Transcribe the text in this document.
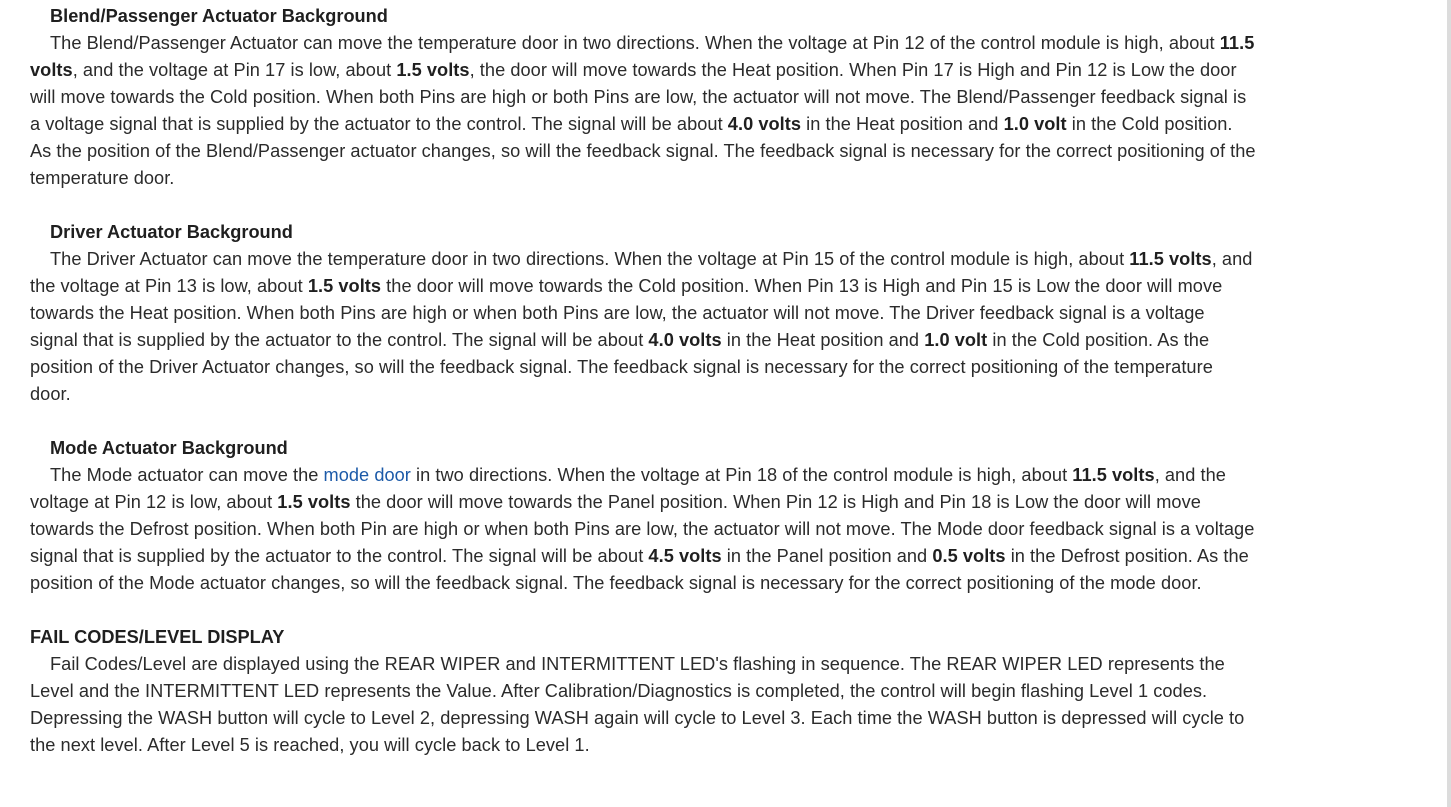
Blend/Passenger Actuator Background

The Blend/Passenger Actuator can move the temperature door in two directions. When the voltage at Pin 12 of the control module is high, about 11.5 volts, and the voltage at Pin 17 is low, about 1.5 volts, the door will move towards the Heat position. When Pin 17 is High and Pin 12 is Low the door will move towards the Cold position. When both Pins are high or both Pins are low, the actuator will not move. The Blend/Passenger feedback signal is a voltage signal that is supplied by the actuator to the control. The signal will be about 4.0 volts in the Heat position and 1.0 volt in the Cold position. As the position of the Blend/Passenger actuator changes, so will the feedback signal. The feedback signal is necessary for the correct positioning of the temperature door.

Driver Actuator Background

The Driver Actuator can move the temperature door in two directions. When the voltage at Pin 15 of the control module is high, about 11.5 volts, and the voltage at Pin 13 is low, about 1.5 volts the door will move towards the Cold position. When Pin 13 is High and Pin 15 is Low the door will move towards the Heat position. When both Pins are high or when both Pins are low, the actuator will not move. The Driver feedback signal is a voltage signal that is supplied by the actuator to the control. The signal will be about 4.0 volts in the Heat position and 1.0 volt in the Cold position. As the position of the Driver Actuator changes, so will the feedback signal. The feedback signal is necessary for the correct positioning of the temperature door.

Mode Actuator Background

The Mode actuator can move the mode door in two directions. When the voltage at Pin 18 of the control module is high, about 11.5 volts, and the voltage at Pin 12 is low, about 1.5 volts the door will move towards the Panel position. When Pin 12 is High and Pin 18 is Low the door will move towards the Defrost position. When both Pin are high or when both Pins are low, the actuator will not move. The Mode door feedback signal is a voltage signal that is supplied by the actuator to the control. The signal will be about 4.5 volts in the Panel position and 0.5 volts in the Defrost position. As the position of the Mode actuator changes, so will the feedback signal. The feedback signal is necessary for the correct positioning of the mode door.

FAIL CODES/LEVEL DISPLAY

Fail Codes/Level are displayed using the REAR WIPER and INTERMITTENT LED's flashing in sequence. The REAR WIPER LED represents the Level and the INTERMITTENT LED represents the Value. After Calibration/Diagnostics is completed, the control will begin flashing Level 1 codes. Depressing the WASH button will cycle to Level 2, depressing WASH again will cycle to Level 3. Each time the WASH button is depressed will cycle to the next level. After Level 5 is reached, you will cycle back to Level 1.
